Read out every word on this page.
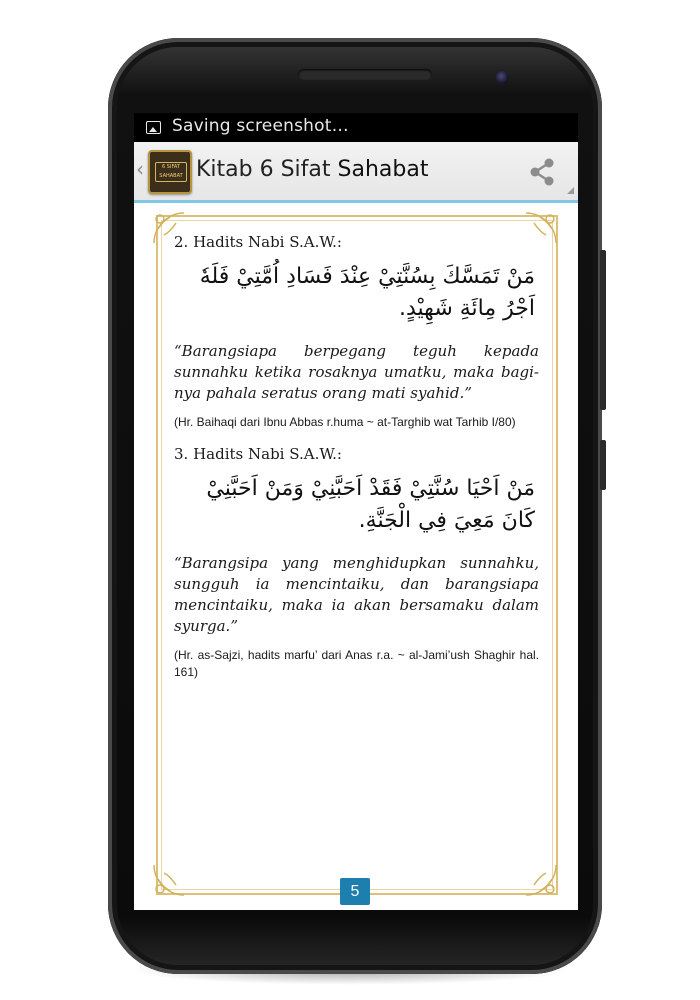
Saving screenshot…
‹	6 SIFAT SAHABAT Kitab 6 Sifat Sahabat

2. Hadits Nabi S.A.W.:

مَنْ تَمَسَّكَ بِسُنَّتِيْ عِنْدَ فَسَادِ اُمَّتِيْ فَلَهٗ اَجْرُ مِائَةِ شَهِيْدٍ.

“Barangsiapa berpegang teguh kepada sunnahku ketika rosaknya umatku, maka bagi-nya pahala seratus orang mati syahid.”

(Hr. Baihaqi dari Ibnu Abbas r.huma ~ at-Targhib wat Tarhib I/80)

3. Hadits Nabi S.A.W.:

مَنْ اَحْيَا سُنَّتِيْ فَقَدْ اَحَبَّنِيْ وَمَنْ اَحَبَّنِيْ كَانَ مَعِيَ فِي الْجَنَّةِ.

“Barangsipa yang menghidupkan sunnahku, sungguh ia mencintaiku, dan barangsiapa mencintaiku, maka ia akan bersamaku dalam syurga.”

(Hr. as-Sajzi, hadits marfu’ dari Anas r.a. ~ al-Jami’ush Shaghir hal. 161)

5
